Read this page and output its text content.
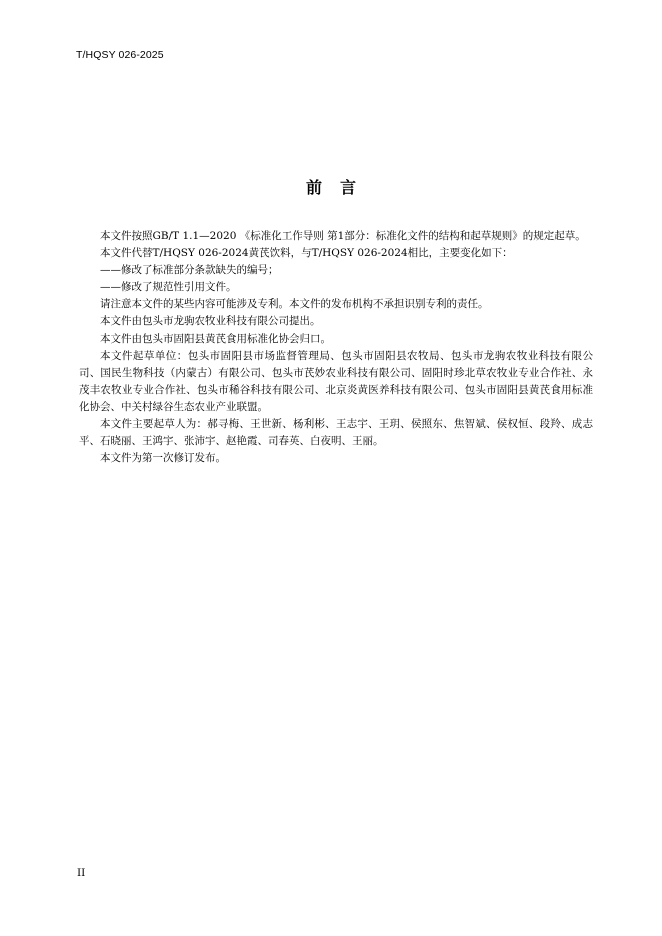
T/HQSY 026-2025
前言

本文件按照GB/T 1.1—2020 《标准化工作导则 第1部分：标准化文件的结构和起草规则》的规定起草。

本文件代替T/HQSY 026-2024黄芪饮料，与T/HQSY 026-2024相比，主要变化如下：

——修改了标准部分条款缺失的编号；

——修改了规范性引用文件。

请注意本文件的某些内容可能涉及专利。本文件的发布机构不承担识别专利的责任。

本文件由包头市龙驹农牧业科技有限公司提出。

本文件由包头市固阳县黄芪食用标准化协会归口。

本文件起草单位：包头市固阳县市场监督管理局、包头市固阳县农牧局、包头市龙驹农牧业科技有限公司、国民生物科技（内蒙古）有限公司、包头市芪妙农业科技有限公司、固阳时珍北草农牧业专业合作社、永茂丰农牧业专业合作社、包头市稀谷科技有限公司、北京炎黄医养科技有限公司、包头市固阳县黄芪食用标准化协会、中关村绿谷生态农业产业联盟。

本文件主要起草人为：郝寻梅、王世新、杨利彬、王志宇、王玥、侯照东、焦智斌、侯权恒、段羚、成志平、石晓丽、王鸿宇、张沛宇、赵艳霞、司春英、白夜明、王丽。

本文件为第一次修订发布。

II
